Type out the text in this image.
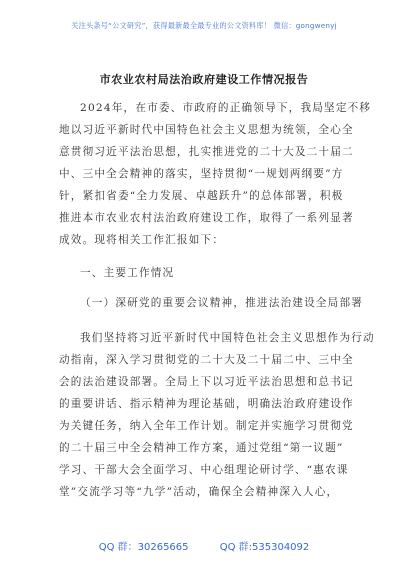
关注头条号“公文研究”，获得最新最全最专业的公文资料库！ 微信：gongwenyj
市农业农村局法治政府建设工作情况报告
2024年，在市委、市政府的正确领导下，我局坚定不移
地以习近平新时代中国特色社会主义思想为统领，全心全
意贯彻习近平法治思想，扎实推进党的二十大及二十届二
中、三中全会精神的落实，坚持贯彻“一规划两纲要”方
针，紧扣省委“全力发展、卓越跃升”的总体部署，积极
推进本市农业农村法治政府建设工作，取得了一系列显著
成效。现将相关工作汇报如下：
一、主要工作情况
（一）深研党的重要会议精神，推进法治建设全局部署
我们坚持将习近平新时代中国特色社会主义思想作为行动
动指南，深入学习贯彻党的二十大及二十届二中、三中全
会的法治建设部署。全局上下以习近平法治思想和总书记
的重要讲话、指示精神为理论基础，明确法治政府建设作
为关键任务，纳入全年工作计划。制定并实施学习贯彻党
的二十届三中全会精神工作方案，通过党组“第一议题”
学习、干部大会全面学习、中心组理论研讨学、“惠农课
堂”交流学习等“九学”活动，确保全会精神深入人心，
QQ 群：30265665	QQ 群:535304092
